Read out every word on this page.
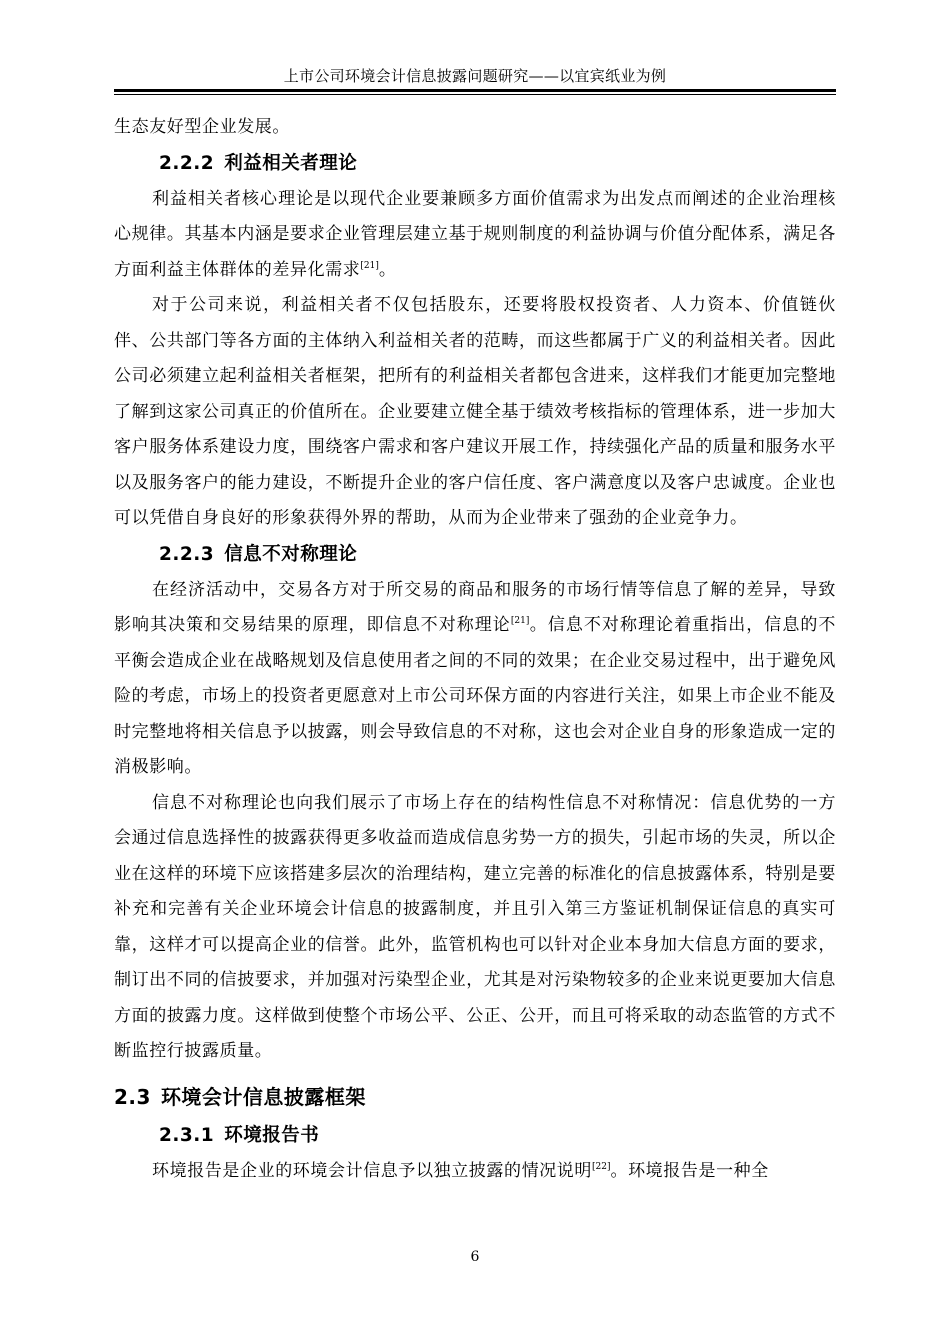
上市公司环境会计信息披露问题研究——以宜宾纸业为例

生态友好型企业发展。

2.2.2 利益相关者理论

利益相关者核心理论是以现代企业要兼顾多方面价值需求为出发点而阐述的企业治理核心规律。其基本内涵是要求企业管理层建立基于规则制度的利益协调与价值分配体系，满足各方面利益主体群体的差异化需求[21]。

对于公司来说，利益相关者不仅包括股东，还要将股权投资者、人力资本、价值链伙伴、公共部门等各方面的主体纳入利益相关者的范畴，而这些都属于广义的利益相关者。因此公司必须建立起利益相关者框架，把所有的利益相关者都包含进来，这样我们才能更加完整地了解到这家公司真正的价值所在。企业要建立健全基于绩效考核指标的管理体系，进一步加大客户服务体系建设力度，围绕客户需求和客户建议开展工作，持续强化产品的质量和服务水平以及服务客户的能力建设，不断提升企业的客户信任度、客户满意度以及客户忠诚度。企业也可以凭借自身良好的形象获得外界的帮助，从而为企业带来了强劲的企业竞争力。

2.2.3 信息不对称理论

在经济活动中，交易各方对于所交易的商品和服务的市场行情等信息了解的差异，导致影响其决策和交易结果的原理，即信息不对称理论[21]。信息不对称理论着重指出，信息的不平衡会造成企业在战略规划及信息使用者之间的不同的效果；在企业交易过程中，出于避免风险的考虑，市场上的投资者更愿意对上市公司环保方面的内容进行关注，如果上市企业不能及时完整地将相关信息予以披露，则会导致信息的不对称，这也会对企业自身的形象造成一定的消极影响。

信息不对称理论也向我们展示了市场上存在的结构性信息不对称情况：信息优势的一方会通过信息选择性的披露获得更多收益而造成信息劣势一方的损失，引起市场的失灵，所以企业在这样的环境下应该搭建多层次的治理结构，建立完善的标准化的信息披露体系，特别是要补充和完善有关企业环境会计信息的披露制度，并且引入第三方鉴证机制保证信息的真实可靠，这样才可以提高企业的信誉。此外，监管机构也可以针对企业本身加大信息方面的要求，制订出不同的信披要求，并加强对污染型企业，尤其是对污染物较多的企业来说更要加大信息方面的披露力度。这样做到使整个市场公平、公正、公开，而且可将采取的动态监管的方式不断监控行披露质量。

2.3 环境会计信息披露框架
2.3.1 环境报告书

环境报告是企业的环境会计信息予以独立披露的情况说明[22]。环境报告是一种全

6
